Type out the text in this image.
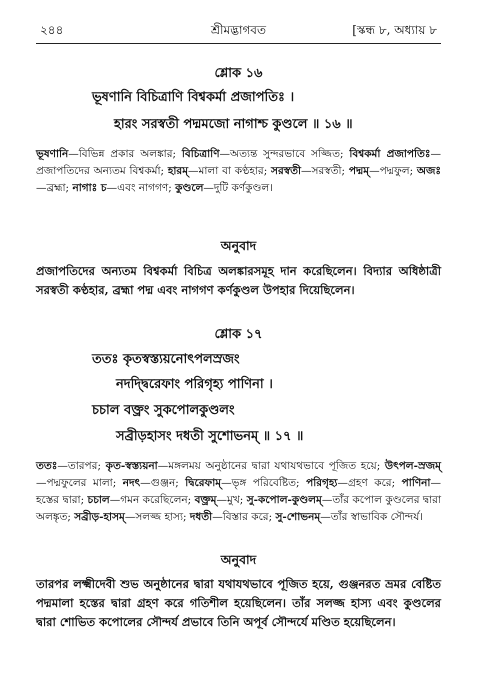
২৪৪	শ্রীমদ্ভাগবত	[স্কন্ধ ৮, অধ্যায় ৮
শ্লোক ১৬
ভূষণানি বিচিত্রাণি বিশ্বকর্মা প্রজাপতিঃ ।
হারং সরস্বতী পদ্মমজো নাগাশ্চ কুণ্ডলে ॥ ১৬ ॥
ভূষণানি—বিভিন্ন প্রকার অলঙ্কার; বিচিত্রাণি—অত্যন্ত সুন্দরভাবে সজ্জিত; বিশ্বকর্মা প্রজাপতিঃ—প্রজাপতিদের অন্যতম বিশ্বকর্মা; হারম্—মালা বা কণ্ঠহার; সরস্বতী—সরস্বতী; পদ্মম্—পদ্মফুল; অজঃ—ব্রহ্মা; নাগাঃ চ—এবং নাগগণ; কুণ্ডলে—দুটি কর্ণকুণ্ডল।
অনুবাদ
প্রজাপতিদের অন্যতম বিশ্বকর্মা বিচিত্র অলঙ্কারসমূহ দান করেছিলেন। বিদ্যার অধিষ্ঠাত্রী সরস্বতী কণ্ঠহার, ব্রহ্মা পদ্ম এবং নাগগণ কর্ণকুণ্ডল উপহার দিয়েছিলেন।
শ্লোক ১৭
ততঃ কৃতস্বস্ত্যয়নোৎপলস্রজং
নদদ্দ্বিরেফাং পরিগৃহ্য পাণিনা ।
চচাল বক্ত্রং সুকপোলকুণ্ডলং
সব্রীড়হাসং দধতী সুশোভনম্ ॥ ১৭ ॥
ততঃ—তারপর; কৃত-স্বস্ত্যয়না—মঙ্গলময় অনুষ্ঠানের দ্বারা যথাযথভাবে পূজিত হয়ে; উৎপল-স্রজম্—পদ্মফুলের মালা; নদৎ—গুঞ্জন; দ্বিরেফাম্—ভৃঙ্গ পরিবেষ্টিত; পরিগৃহ্য—গ্রহণ করে; পাণিনা—হস্তের দ্বারা; চচাল—গমন করেছিলেন; বক্ত্রম্—মুখ; সু-কপোল-কুণ্ডলম্—তাঁর কপোল কুণ্ডলের দ্বারা অলঙ্কৃত; সব্রীড়-হাসম্—সলজ্জ হাস্য; দধতী—বিস্তার করে; সু-শোভনম্—তাঁর স্বাভাবিক সৌন্দর্য।
অনুবাদ
তারপর লক্ষ্মীদেবী শুভ অনুষ্ঠানের দ্বারা যথাযথভাবে পূজিত হয়ে, গুঞ্জনরত ভ্রমর বেষ্টিত পদ্মমালা হস্তের দ্বারা গ্রহণ করে গতিশীল হয়েছিলেন। তাঁর সলজ্জ হাস্য এবং কুণ্ডলের দ্বারা শোভিত কপোলের সৌন্দর্য প্রভাবে তিনি অপূর্ব সৌন্দর্যে মণ্ডিত হয়েছিলেন।
